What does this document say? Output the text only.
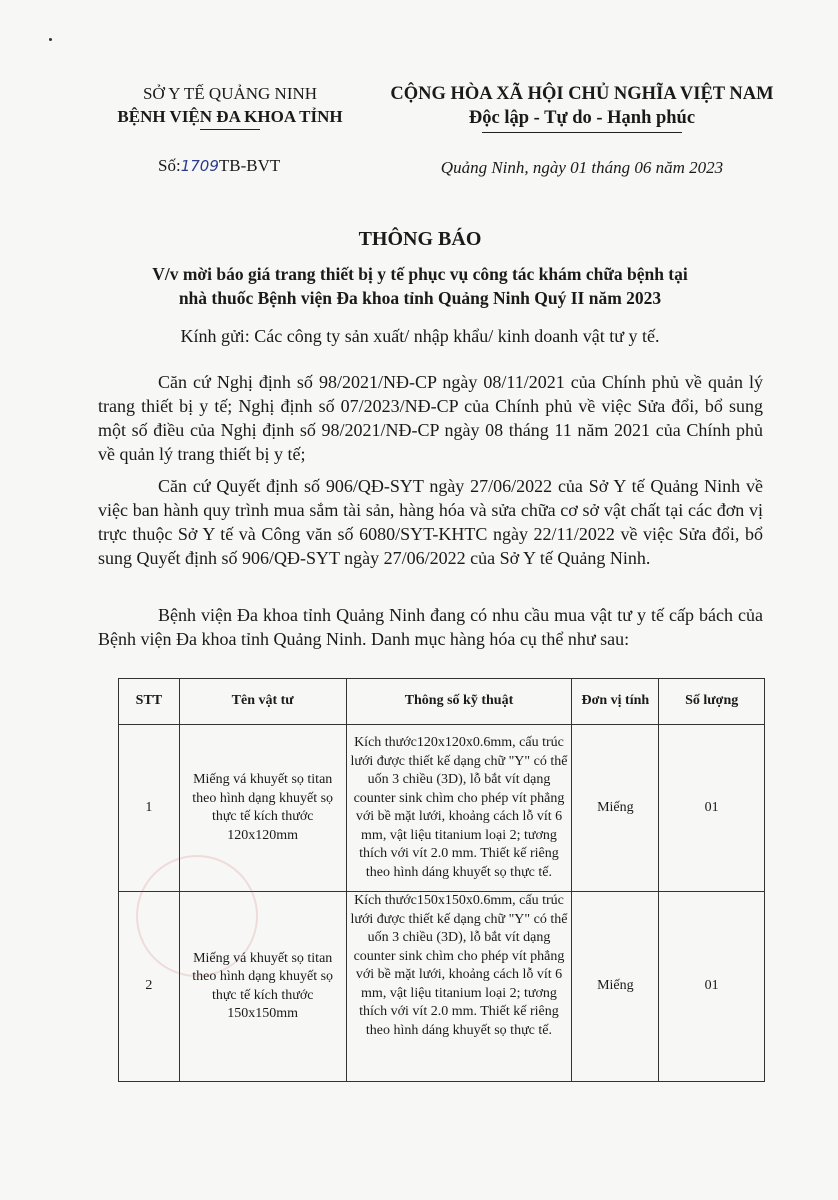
SỞ Y TẾ QUẢNG NINH
BỆNH VIỆN ĐA KHOA TỈNH
CỘNG HÒA XÃ HỘI CHỦ NGHĨA VIỆT NAM
Độc lập - Tự do - Hạnh phúc
Số:1709TB-BVT	Quảng Ninh, ngày 01 tháng 06 năm 2023
THÔNG BÁO
V/v mời báo giá trang thiết bị y tế phục vụ công tác khám chữa bệnh tại
nhà thuốc Bệnh viện Đa khoa tỉnh Quảng Ninh Quý II năm 2023
Kính gửi: Các công ty sản xuất/ nhập khẩu/ kinh doanh vật tư y tế.

Căn cứ Nghị định số 98/2021/NĐ-CP ngày 08/11/2021 của Chính phủ về quản lý trang thiết bị y tế; Nghị định số 07/2023/NĐ-CP của Chính phủ về việc Sửa đổi, bổ sung một số điều của Nghị định số 98/2021/NĐ-CP ngày 08 tháng 11 năm 2021 của Chính phủ về quản lý trang thiết bị y tế;

Căn cứ Quyết định số 906/QĐ-SYT ngày 27/06/2022 của Sở Y tế Quảng Ninh về việc ban hành quy trình mua sắm tài sản, hàng hóa và sửa chữa cơ sở vật chất tại các đơn vị trực thuộc Sở Y tế và Công văn số 6080/SYT-KHTC ngày 22/11/2022 về việc Sửa đổi, bổ sung Quyết định số 906/QĐ-SYT ngày 27/06/2022 của Sở Y tế Quảng Ninh.

Bệnh viện Đa khoa tỉnh Quảng Ninh đang có nhu cầu mua vật tư y tế cấp bách của Bệnh viện Đa khoa tỉnh Quảng Ninh. Danh mục hàng hóa cụ thể như sau:

STT	Tên vật tư	Thông số kỹ thuật	Đơn vị tính	Số lượng
1	Miếng vá khuyết sọ titan theo hình dạng khuyết sọ thực tế kích thước 120x120mm	Kích thước120x120x0.6mm, cấu trúc lưới được thiết kế dạng chữ "Y" có thể uốn 3 chiều (3D), lỗ bắt vít dạng counter sink chìm cho phép vít phẳng với bề mặt lưới, khoảng cách lỗ vít 6 mm, vật liệu titanium loại 2; tương thích với vít 2.0 mm. Thiết kế riêng theo hình dáng khuyết sọ thực tế.	Miếng	01
2	Miếng vá khuyết sọ titan theo hình dạng khuyết sọ thực tế kích thước 150x150mm	Kích thước150x150x0.6mm, cấu trúc lưới được thiết kế dạng chữ "Y" có thể uốn 3 chiều (3D), lỗ bắt vít dạng counter sink chìm cho phép vít phẳng với bề mặt lưới, khoảng cách lỗ vít 6 mm, vật liệu titanium loại 2; tương thích với vít 2.0 mm. Thiết kế riêng theo hình dáng khuyết sọ thực tế.	Miếng	01
